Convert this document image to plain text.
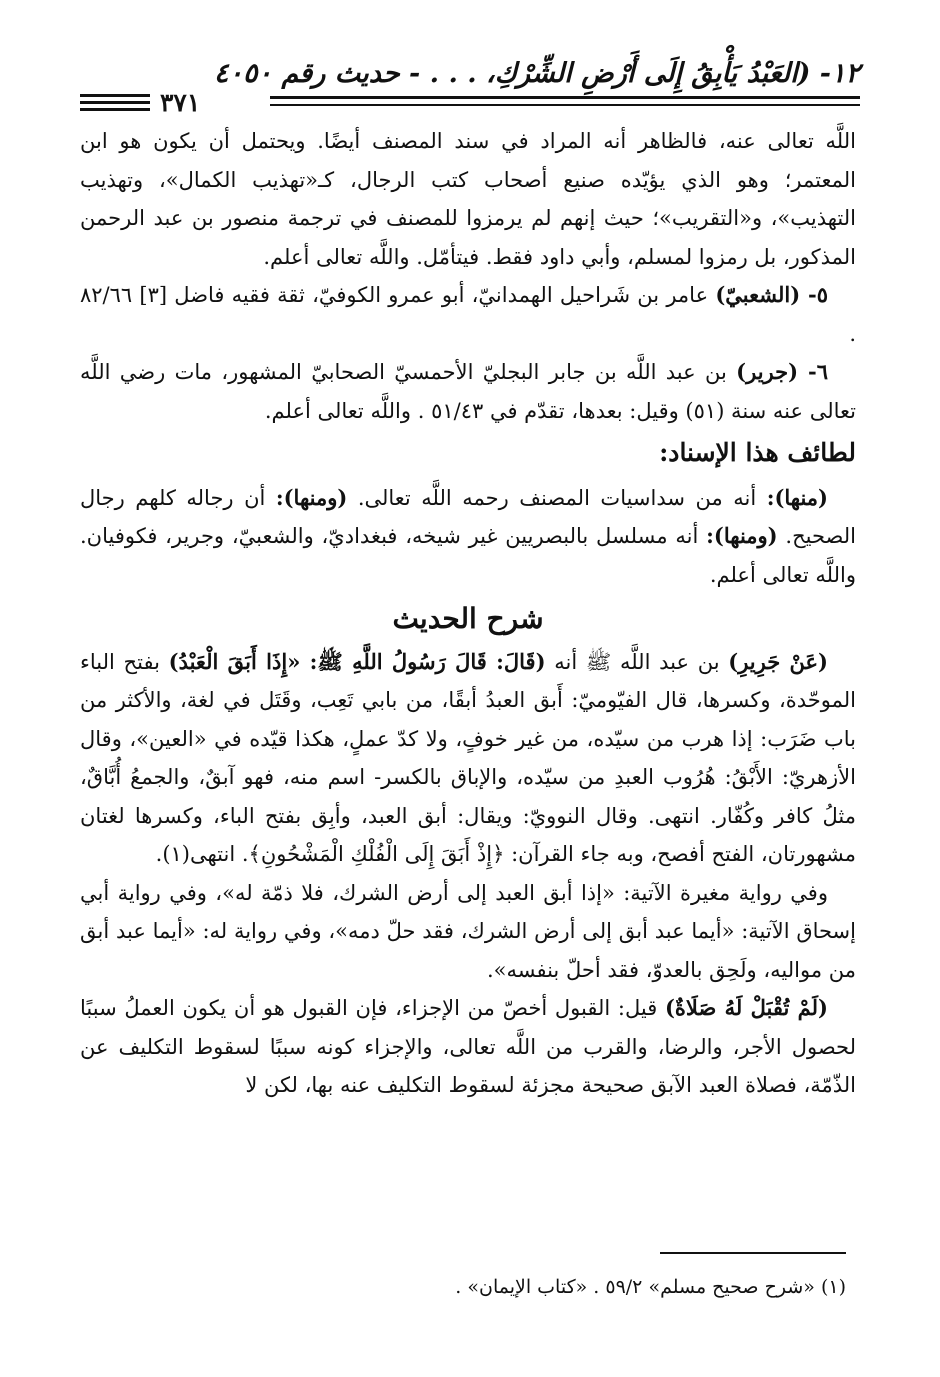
١٢- (العَبْدُ يَأْبِقُ إِلَى أَرْضِ الشِّرْكِ، . . . - حديث رقم ٤٠٥٠
٣٧١

اللَّه تعالى عنه، فالظاهر أنه المراد في سند المصنف أيضًا. ويحتمل أن يكون هو ابن المعتمر؛ وهو الذي يؤيّده صنيع أصحاب كتب الرجال، كـ«تهذيب الكمال»، وتهذيب التهذيب»، و«التقريب»؛ حيث إنهم لم يرمزوا للمصنف في ترجمة منصور بن عبد الرحمن المذكور، بل رمزوا لمسلم، وأبي داود فقط. فيتأمّل. واللَّه تعالى أعلم.

٥- (الشعبيّ) عامر بن شَراحيل الهمدانيّ، أبو عمرو الكوفيّ، ثقة فقيه فاضل [٣] ٨٢/٦٦ .

٦- (جرير) بن عبد اللَّه بن جابر البجليّ الأحمسيّ الصحابيّ المشهور، مات رضي اللَّه تعالى عنه سنة (٥١) وقيل: بعدها، تقدّم في ٥١/٤٣ . واللَّه تعالى أعلم.

لطائف هذا الإسناد:

(منها): أنه من سداسيات المصنف رحمه اللَّه تعالى. (ومنها): أن رجاله كلهم رجال الصحيح. (ومنها): أنه مسلسل بالبصريين غير شيخه، فبغداديّ، والشعبيّ، وجرير، فكوفيان. واللَّه تعالى أعلم.

شرح الحديث

(عَنْ جَرِيرِ) بن عبد اللَّه ﷺ أنه (قَالَ: قَالَ رَسُولُ اللَّهِ ﷺ: «إِذَا أَبَقَ الْعَبْدُ) بفتح الباء الموحّدة، وكسرها، قال الفيّوميّ: أَبق العبدُ أبقًا، من بابي تَعِب، وقَتَل في لغة، والأكثر من باب ضَرَب: إذا هرب من سيّده، من غير خوفٍ، ولا كدّ عملٍ، هكذا قيّده في «العين»، وقال الأزهريّ: الأَبْقُ: هُرُوب العبدِ من سيّده، والإباق بالكسر- اسم منه، فهو آبقٌ، والجمعُ أُبَّاقٌ، مثلُ كافر وكُفّار. انتهى. وقال النوويّ: ويقال: أبق العبد، وأبِق بفتح الباء، وكسرها لغتان مشهورتان، الفتح أفصح، وبه جاء القرآن: ﴿إِذْ أَبَقَ إِلَى الْفُلْكِ الْمَشْحُونِ﴾. انتهى(١).

وفي رواية مغيرة الآتية: «إذا أبق العبد إلى أرض الشرك، فلا ذمّة له»، وفي رواية أبي إسحاق الآتية: «أيما عبد أبق إلى أرض الشرك، فقد حلّ دمه»، وفي رواية له: «أيما عبد أبق من مواليه، ولَحِق بالعدوّ، فقد أحلّ بنفسه».

(لَمْ تُقْبَلْ لَهُ صَلَاةٌ) قيل: القبول أخصّ من الإجزاء، فإن القبول هو أن يكون العملُ سببًا لحصول الأجر، والرضا، والقرب من اللَّه تعالى، والإجزاء كونه سببًا لسقوط التكليف عن الذّمّة، فصلاة العبد الآبق صحيحة مجزئة لسقوط التكليف عنه بها، لكن لا

(١) «شرح صحيح مسلم» ٥٩/٢ . «كتاب الإيمان» .
